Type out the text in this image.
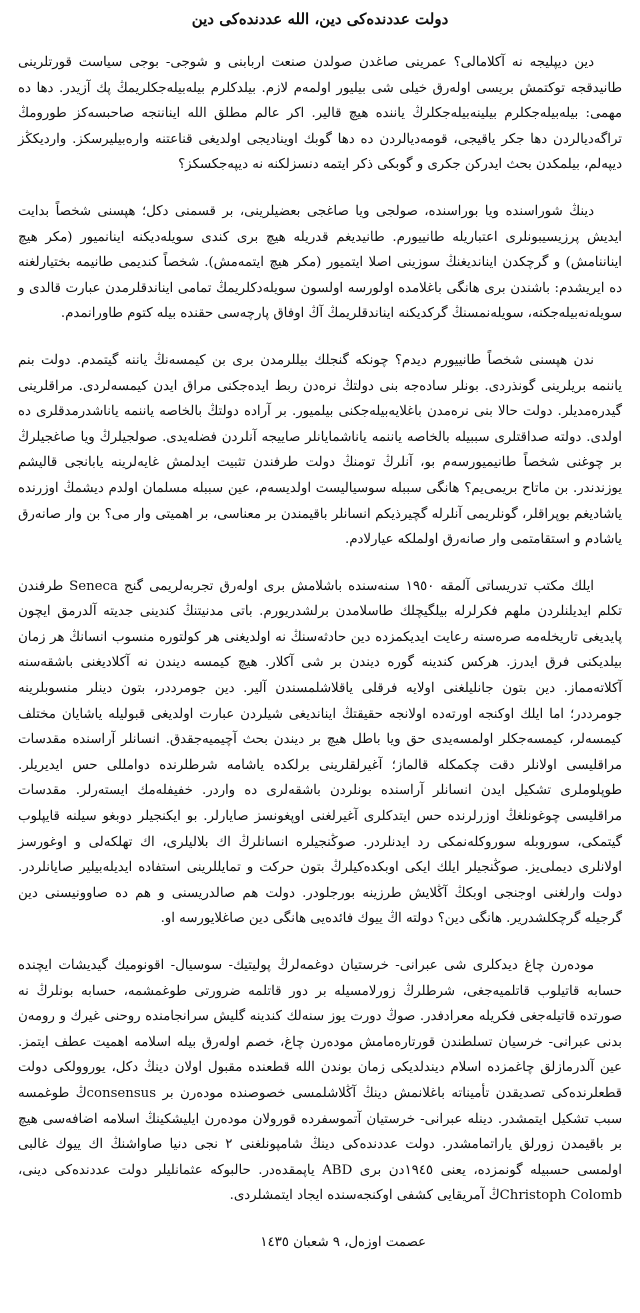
دولت عددندەکی دین، الله عددندەکی دین

دین دیپلیجە نە آکلامالی؟ عمرینی صاغدن صولدن صنعت اربابنی و شوجی- بوجی سیاست قورتلرینی طانیدقجە توکتمش بریسی اولەرق خیلی شی بیلیور اولمەم لازم. بیلدکلرم بیلەبیلەجکلریمڭ پك آزیدر. دها دە مهمی: بیلەبیلەجکلرم بیلینەبیلەجکلرڭ یاننده هیچ قالیر. اکر عالم مطلق الله ایناننجە صاحبسەکز طورومڭ تراگەدیالردن دها جکر یاقیجی، قومەدیالردن دە دها گوبك اوینادیجی اولدیغی قناعتنە وارەبیلیرسکز. واردیکڭز دیپەلم، بیلمکدن بحث ایدرکن جکری و گوبکی ذکر ایتمە دنسزلکنە نە دیپەجکسکز؟

دینڭ شوراسندە ویا بوراسندە، صولجی ویا صاغجی بعضیلرینی، بر قسمنی دکل؛ هپسنی شخصاً بدایت ایدیش پرزیسیبونلری اعتباریلە طانییورم. طانیدیغم قدریلە هیچ بری کندی سویلەدیکنە اینانمیور (مکر هیچ ایناننامش) و گرچکدن ایناندیغنڭ سوزینی اصلا ایتمیور (مکر هیچ ایتمەمش). شخصاً کندیمی طانیمە بختیارلغنە دە ایریشدم: باشندن بری هانگی باغلامدە اولورسە اولسون سویلەدکلریمڭ تمامی ایناندقلرمدن عبارت قالدی و سویلەنەبیلەجکنە، سویلەنمسنڭ گرکدیکنە ایناندقلریمڭ آڭ اوفاق پارچەسی حقندە بیلە کتوم طاورانمدم.

ندن هپسنی شخصاً طانییورم دیدم؟ چونکە گنجلك بیللرمدن بری بن کیمسەنڭ یاننە گیتمدم. دولت بنم یاننمە بریلرینی گونذردی. بونلر سادەجە بنی دولتڭ نرەدن ربط ایدەجکنی مراق ایدن کیمسەلردی. مراقلرینی گیدرەمدیلر. دولت حالا بنی نرەمدن باغلایەبیلەجکنی بیلمیور. بر آرادە دولتڭ بالخاصە یاننمە یاناشدرمدقلری دە اولدی. دولتە صداقتلری سببیلە بالخاصە یاننمە یاناشمایانلر صاییجە آنلردن فضلەیدی. صولجیلرڭ ویا صاغجیلرڭ بر چوغنی شخصاً طانیمیورسەم بو، آنلرڭ تومنڭ دولت طرفندن تثبیت ایدلمش غایەلرینە یابانجی قالیشم یوزندندر. بن ماتاح بریمی‌یم؟ هانگی سببلە سوسیالیست اولدیسەم، عین سببلە مسلمان اولدم دیشمڭ اوزرندە یاشادیغم بوپراقلر، گونلریمی آنلرلە گچیرذیکم انسانلر باقیمندن بر معناسی، بر اهمیتی وار می؟ بن وار صانەرق یاشادم و استقامتمی وار صانەرق اولملکە عیارلادم.

ایلك مکتب تدریساتی آلمقە ١٩٥٠ سنەسندە باشلامش بری اولەرق تجربەلریمی گنج Seneca طرفندن تکلم ایدیلنلردن ملهم فکرلرلە بیلگیچلك طاسلامدن برلشدریورم. باتی مدنیتنڭ کندینی جدیتە آلدرمق ایچون پایدیغی تاریخلەمە صرەسنە رعایت ایدیکمزدە دین حادثەسنڭ نە اولدیغنی هر کولتورە منسوب انسانڭ هر زمان بیلدیکنی فرق ایدرز. هرکس کندینە گورە دیندن بر شی آکلار. هیچ کیمسە دیندن نە آکلادیغنی باشقەسنە آکلاتەمماز. دین بتون جانلیلغنی اولایە فرقلی یاقلاشلمسندن آلیر. دین جومرددر، بتون دینلر منسوبلرینە جومرددر؛ اما ایلك اوکنجە اورتەدە اولانجە حقیقتڭ ایناندیغی شیلردن عبارت اولدیغی قبولیلە یاشایان مختلف کیمسەلر، کیمسەجکلر اولمسەیدی حق ویا باطل هیچ بر دیندن بحث آچیمیەجقدق. انسانلر آراسندە مقدسات مراقلیسی اولانلر دقت چکمکلە قالماز؛ آغیرلقلرینی برلکدە یاشامە شرطلرندە دوامللی حس ایدیریلر. طوپلوملری تشکیل ایدن انسانلر آراسندە بونلردن باشقەلری دە واردر. خفیفلەمك ایستەرلر. مقدسات مراقلیسی چوغونلغڭ اوزرلرندە حس ایتدکلری آغیرلغنی اوپغونسز صایارلر. بو ایکنجیلر دوبغو سیلنە قایپلوب گیتمکی، سوروبلە سوروکلەنمکی رد ایدنلردر. صوڭنجیلرە انسانلرڭ اك بلالیلری، اك تهلکەلی و اوغورسز اولانلری دیملی‌یز. صوڭنجیلر ایلك ایکی اوبکدەکیلرڭ بتون حرکت و تمایللرینی استفادە ایدیلەبیلیر صایانلردر. دولت وارلغنی اوجنجی اوبکڭ آڭلایش طرزینە بورجلودر. دولت هم صالدریسنی و هم دە صاوونیسنی دین گرجیلە گرچکلشدریر. هانگی دین؟ دولتە اڭ ییوك فائدەیی هانگی دین صاغلایورسە او.

مودەرن چاغ دیدکلری شی عبرانی- خرستیان دوغمەلرڭ پولیتیك- سوسیال- اقونومیك گیدیشات ایچندە حسابە قاتیلوب قاتلمیەجغی، شرطلرڭ زورلامسیلە بر دور قاتلمە ضرورتی طوغمشمە، حسابە بونلرڭ نە صورتدە قاتیلەجغی فکریلە معرادفدر. صوڭ دورت یوز سنەلك کندینە گلیش سرانجامندە روحنی غیرك و رومەن بدنی عبرانی- خرسیان تسلطندن قورتارەمامش مودەرن چاغ، خصم اولەرق بیلە اسلامە اهمیت عطف ایتمز. عین آلدرمازلق چاغمزدە اسلام دیندلدیکی زمان بوندن الله قطعندە مقبول اولان دینڭ دکل، یوروولکی دولت قطعلرندەکی تصدیقدن تأمیناتە باغلانمش دینڭ آڭلاشلمسی خصوصندە مودەرن بر consensusڭ طوغمسە سبب تشکیل ایتمشدر. دینلە عبرانی- خرستیان آتموسفردە قورولان مودەرن ایلیشکینڭ اسلامە اضافەسی هیچ بر باقیمدن زورلق یاراتمامشدر. دولت عددندەکی دینڭ شامپونلغنی ٢ نجی دنیا صاواشنڭ اك ییوك غالبی اولمسی حسبیلە گونمزدە، یعنی ١٩٤٥دن بری ABD یاپمقدەدر. حالبوکە عثمانلیلر دولت عددندەکی دینی، Christoph Colombڭ آمریقایی کشفی اوکنجەسندە ایجاد ایتمشلردی.

عصمت اوزەل، ٩ شعبان ١٤٣٥
